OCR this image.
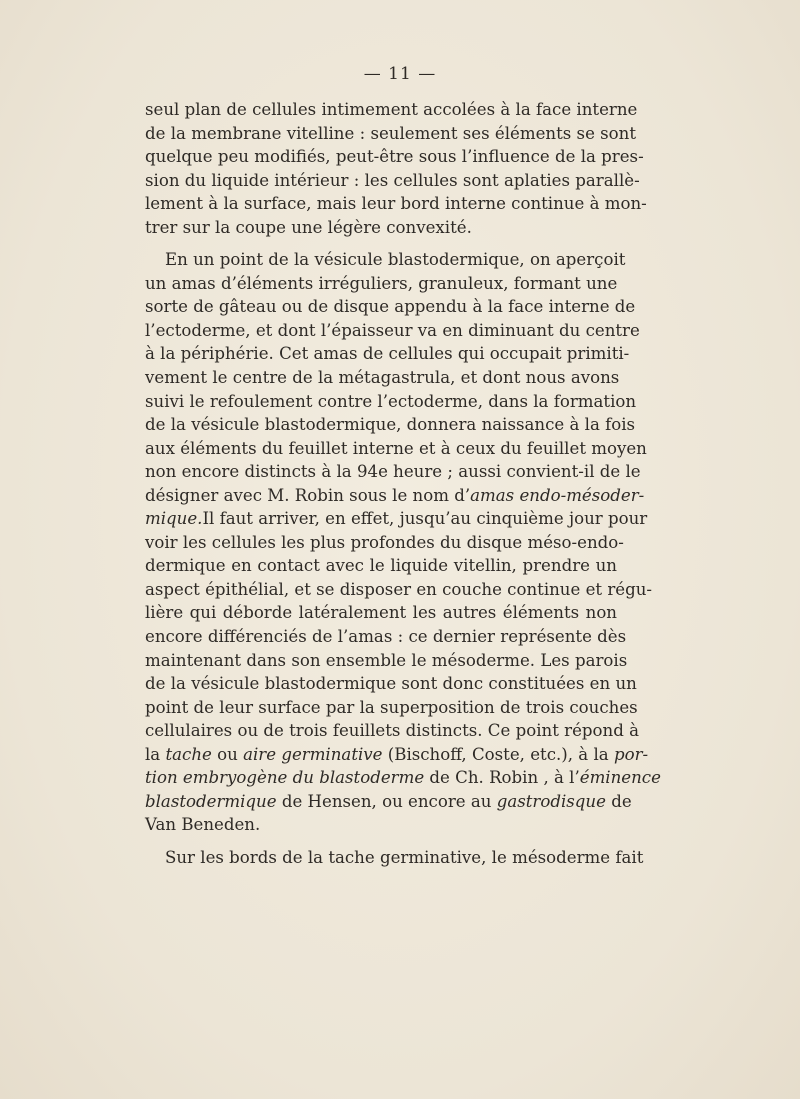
— 11 —
seul plan de cellules intimement accolées à la face interne
de la membrane vitelline : seulement ses éléments se sont
quelque peu modifiés, peut-être sous l’influence de la pres-
sion du liquide intérieur : les cellules sont aplaties parallè-
lement à la surface, mais leur bord interne continue à mon-
trer sur la coupe une légère convexité.
En un point de la vésicule blastodermique, on aperçoit
un amas d’éléments irréguliers, granuleux, formant une
sorte de gâteau ou de disque appendu à la face interne de
l’ectoderme, et dont l’épaisseur va en diminuant du centre
à la périphérie. Cet amas de cellules qui occupait primiti-
vement le centre de la métagastrula, et dont nous avons
suivi le refoulement contre l’ectoderme, dans la formation
de la vésicule blastodermique, donnera naissance à la fois
aux éléments du feuillet interne et à ceux du feuillet moyen
non encore distincts à la 94e heure ; aussi convient-il de le
désigner avec M. Robin sous le nom d’amas endo-mésoder-
mique.Il faut arriver, en effet, jusqu’au cinquième jour pour
voir les cellules les plus profondes du disque méso-endo-
dermique en contact avec le liquide vitellin, prendre un
aspect épithélial, et se disposer en couche continue et régu-
lière qui déborde latéralement les autres éléments non
encore différenciés de l’amas : ce dernier représente dès
maintenant dans son ensemble le mésoderme. Les parois
de la vésicule blastodermique sont donc constituées en un
point de leur surface par la superposition de trois couches
cellulaires ou de trois feuillets distincts. Ce point répond à
la tache ou aire germinative (Bischoff, Coste, etc.), à la por-
tion embryogène du blastoderme de Ch. Robin , à l’éminence
blastodermique de Hensen, ou encore au gastrodisque de
Van Beneden.
Sur les bords de la tache germinative, le mésoderme fait
